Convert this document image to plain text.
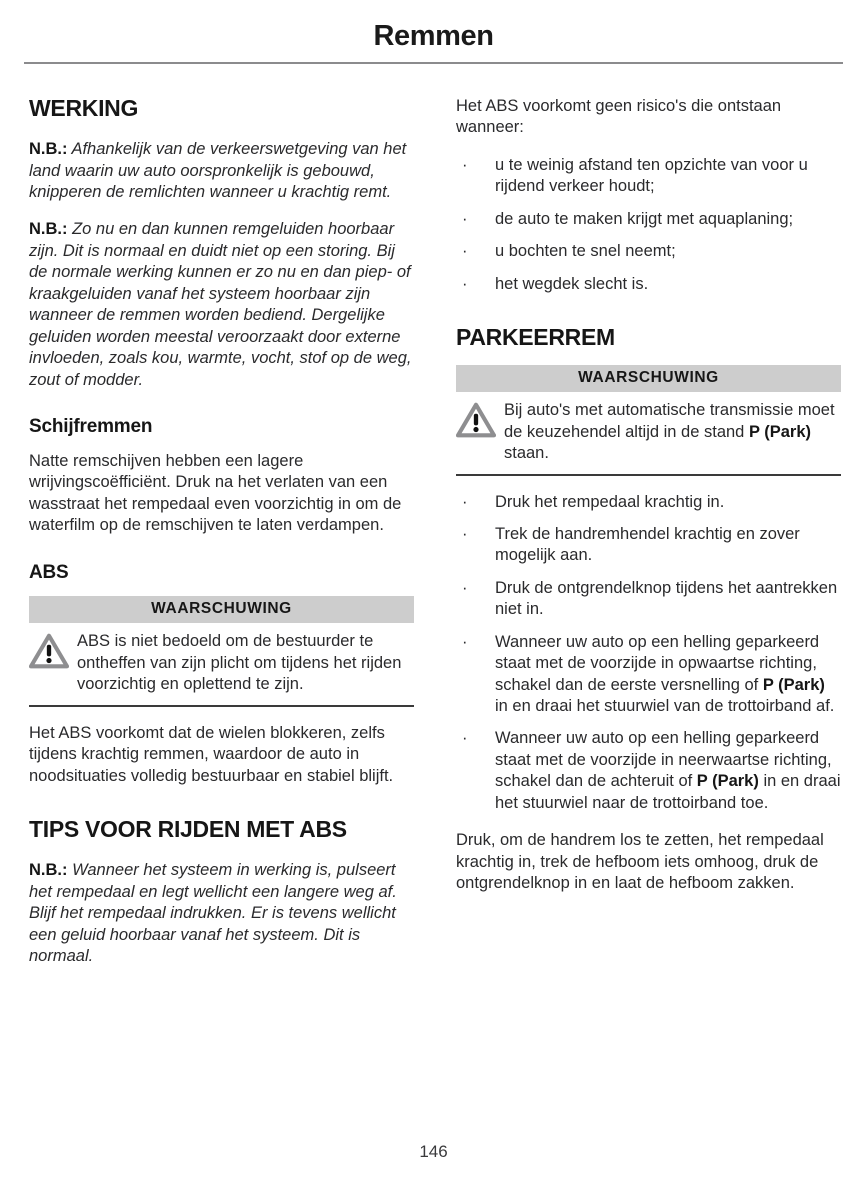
Remmen
WERKING

N.B.: Afhankelijk van de verkeerswetgeving van het land waarin uw auto oorspronkelijk is gebouwd, knipperen de remlichten wanneer u krachtig remt.

N.B.: Zo nu en dan kunnen remgeluiden hoorbaar zijn. Dit is normaal en duidt niet op een storing. Bij de normale werking kunnen er zo nu en dan piep- of kraakgeluiden vanaf het systeem hoorbaar zijn wanneer de remmen worden bediend. Dergelijke geluiden worden meestal veroorzaakt door externe invloeden, zoals kou, warmte, vocht, stof op de weg, zout of modder.

Schijfremmen

Natte remschijven hebben een lagere wrijvingscoëfficiënt. Druk na het verlaten van een wasstraat het rempedaal even voorzichtig in om de waterfilm op de remschijven te laten verdampen.

ABS
WAARSCHUWING
ABS is niet bedoeld om de bestuurder te ontheffen van zijn plicht om tijdens het rijden voorzichtig en oplettend te zijn.

Het ABS voorkomt dat de wielen blokkeren, zelfs tijdens krachtig remmen, waardoor de auto in noodsituaties volledig bestuurbaar en stabiel blijft.

TIPS VOOR RIJDEN MET ABS

N.B.: Wanneer het systeem in werking is, pulseert het rempedaal en legt wellicht een langere weg af. Blijf het rempedaal indrukken. Er is tevens wellicht een geluid hoorbaar vanaf het systeem. Dit is normaal.

Het ABS voorkomt geen risico's die ontstaan wanneer:

· u te weinig afstand ten opzichte van voor u rijdend verkeer houdt;
· de auto te maken krijgt met aquaplaning;
· u bochten te snel neemt;
· het wegdek slecht is.
PARKEERREM
WAARSCHUWING
Bij auto's met automatische transmissie moet de keuzehendel altijd in de stand P (Park) staan.
· Druk het rempedaal krachtig in.
· Trek de handremhendel krachtig en zover mogelijk aan.
· Druk de ontgrendelknop tijdens het aantrekken niet in.
· Wanneer uw auto op een helling geparkeerd staat met de voorzijde in opwaartse richting, schakel dan de eerste versnelling of P (Park) in en draai het stuurwiel van de trottoirband af.
· Wanneer uw auto op een helling geparkeerd staat met de voorzijde in neerwaartse richting, schakel dan de achteruit of P (Park) in en draai het stuurwiel naar de trottoirband toe.

Druk, om de handrem los te zetten, het rempedaal krachtig in, trek de hefboom iets omhoog, druk de ontgrendelknop in en laat de hefboom zakken.

146
